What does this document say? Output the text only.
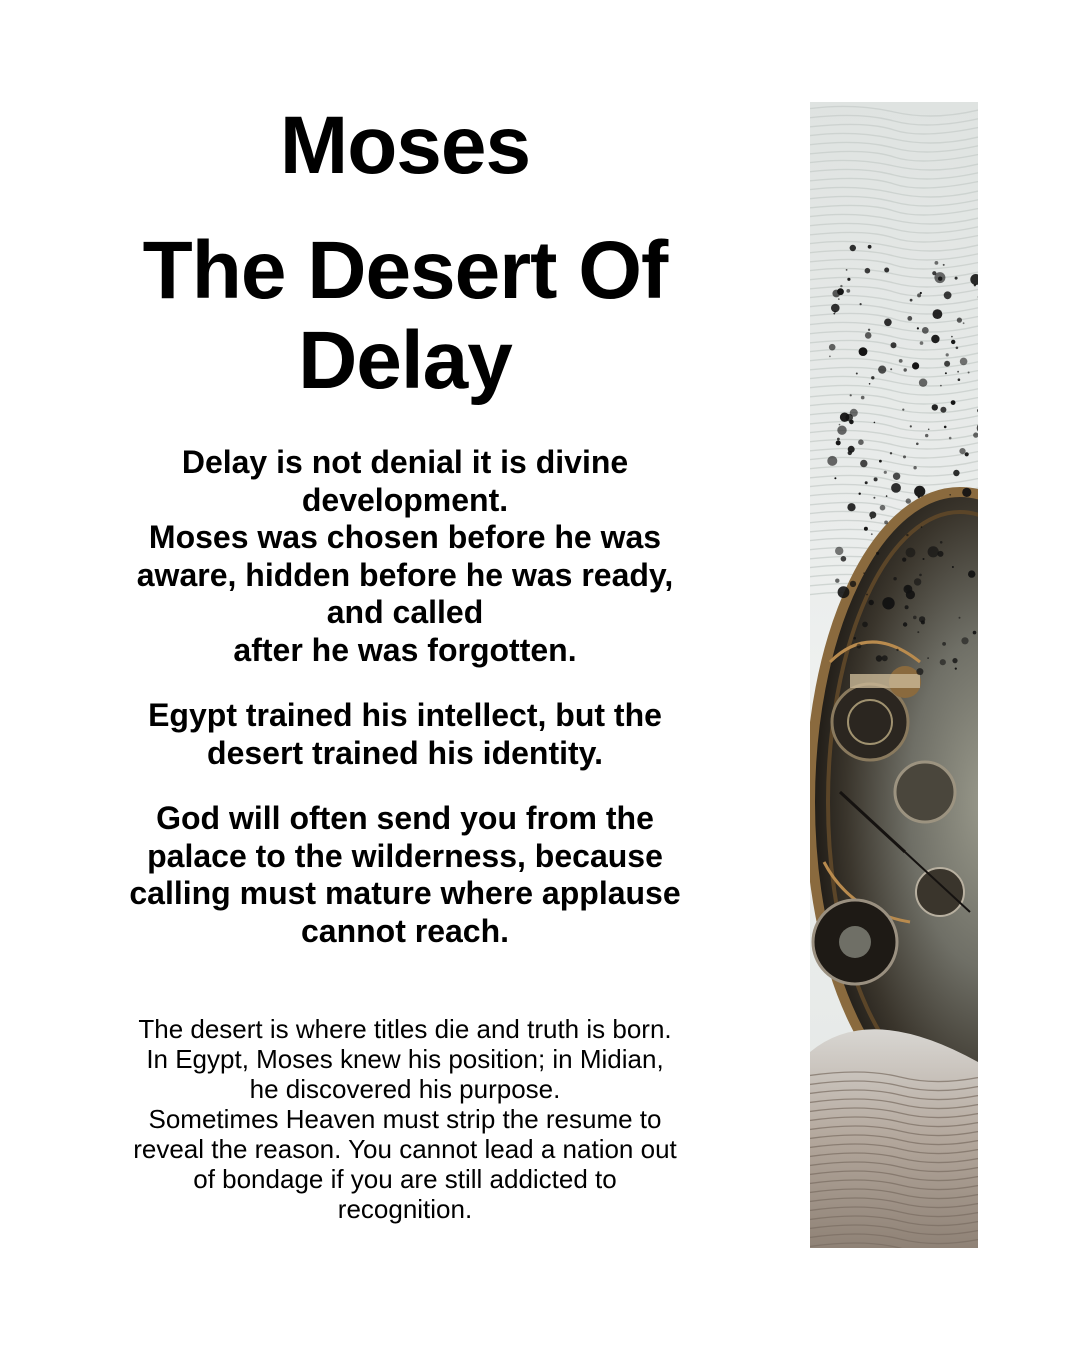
Moses
The Desert Of
Delay

Delay is not denial it is divine
development.
Moses was chosen before he was
aware, hidden before he was ready,
and called
after he was forgotten.

Egypt trained his intellect, but the
desert trained his identity.

God will often send you from the
palace to the wilderness, because
calling must mature where applause
cannot reach.

The desert is where titles die and truth is born.
In Egypt, Moses knew his position; in Midian,
he discovered his purpose.
Sometimes Heaven must strip the resume to
reveal the reason. You cannot lead a nation out
of bondage if you are still addicted to
recognition.
